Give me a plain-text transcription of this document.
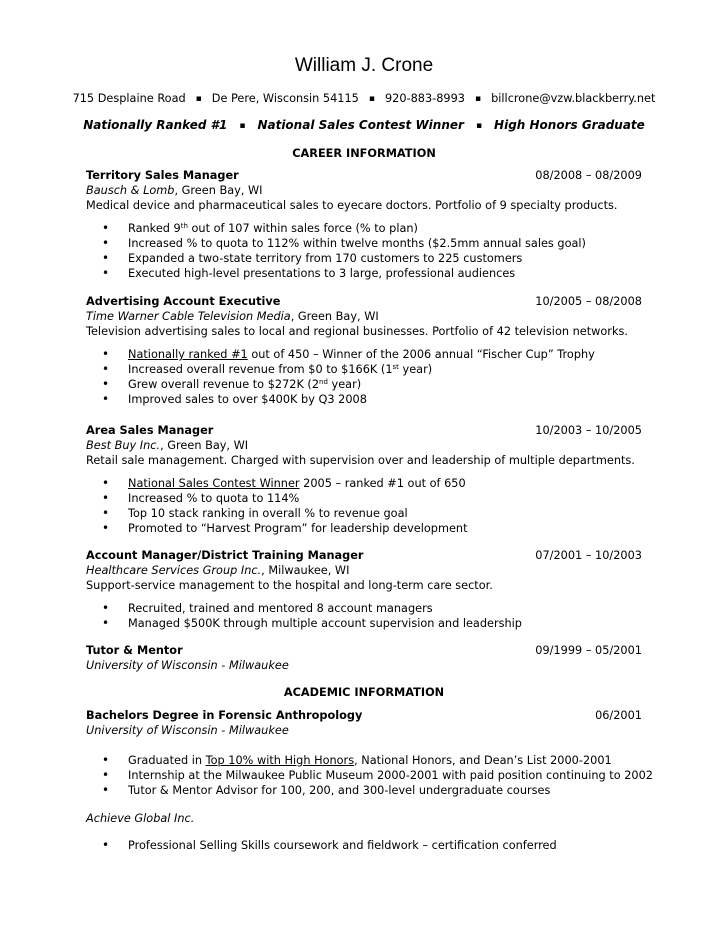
William J. Crone
715 Desplaine Road ▪ De Pere, Wisconsin 54115 ▪ 920-883-8993 ▪ billcrone@vzw.blackberry.net
Nationally Ranked #1 ▪ National Sales Contest Winner ▪ High Honors Graduate
CAREER INFORMATION
Territory Sales Manager	08/2008 – 08/2009
Bausch & Lomb, Green Bay, WI
Medical device and pharmaceutical sales to eyecare doctors. Portfolio of 9 specialty products.
• Ranked 9th out of 107 within sales force (% to plan)
• Increased % to quota to 112% within twelve months ($2.5mm annual sales goal)
• Expanded a two-state territory from 170 customers to 225 customers
• Executed high-level presentations to 3 large, professional audiences
Advertising Account Executive	10/2005 – 08/2008
Time Warner Cable Television Media, Green Bay, WI
Television advertising sales to local and regional businesses. Portfolio of 42 television networks.
• Nationally ranked #1 out of 450 – Winner of the 2006 annual “Fischer Cup” Trophy
• Increased overall revenue from $0 to $166K (1st year)
• Grew overall revenue to $272K (2nd year)
• Improved sales to over $400K by Q3 2008
Area Sales Manager	10/2003 – 10/2005
Best Buy Inc., Green Bay, WI
Retail sale management. Charged with supervision over and leadership of multiple departments.
• National Sales Contest Winner 2005 – ranked #1 out of 650
• Increased % to quota to 114%
• Top 10 stack ranking in overall % to revenue goal
• Promoted to “Harvest Program” for leadership development
Account Manager/District Training Manager	07/2001 – 10/2003
Healthcare Services Group Inc., Milwaukee, WI
Support-service management to the hospital and long-term care sector.
• Recruited, trained and mentored 8 account managers
• Managed $500K through multiple account supervision and leadership
Tutor & Mentor	09/1999 – 05/2001
University of Wisconsin - Milwaukee
ACADEMIC INFORMATION
Bachelors Degree in Forensic Anthropology	06/2001
University of Wisconsin - Milwaukee
• Graduated in Top 10% with High Honors, National Honors, and Dean’s List 2000-2001
• Internship at the Milwaukee Public Museum 2000-2001 with paid position continuing to 2002
• Tutor & Mentor Advisor for 100, 200, and 300-level undergraduate courses
Achieve Global Inc.
• Professional Selling Skills coursework and fieldwork – certification conferred
